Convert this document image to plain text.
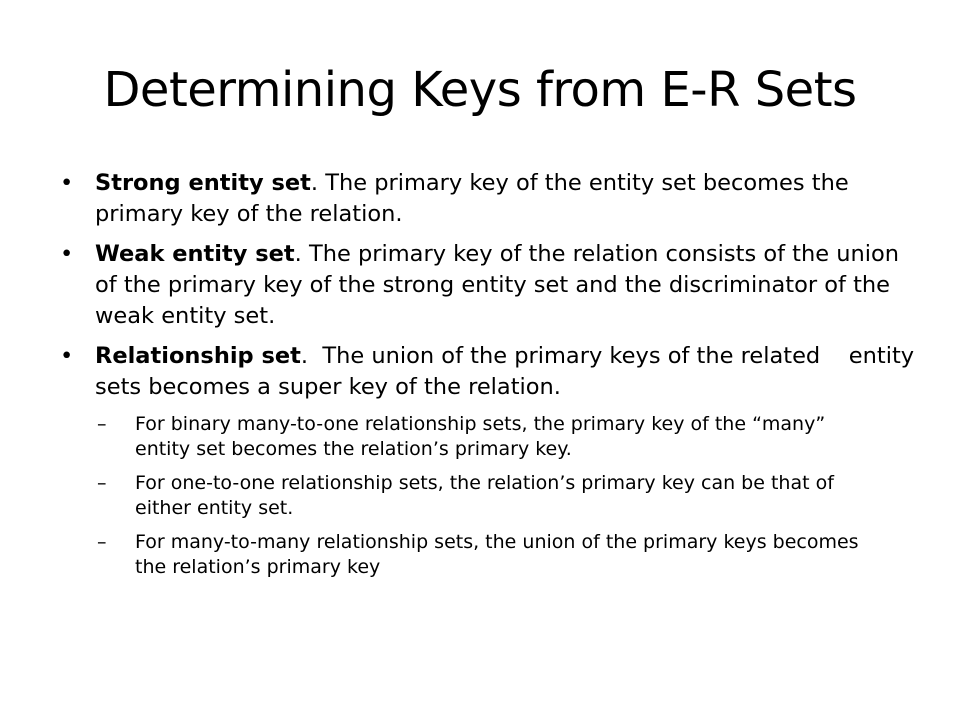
Determining Keys from E-R Sets
• Strong entity set. The primary key of the entity set becomes the primary key of the relation.
• Weak entity set. The primary key of the relation consists of the union of the primary key of the strong entity set and the discriminator of the weak entity set.
• Relationship set.  The union of the primary keys of the related    entity sets becomes a super key of the relation.
– For binary many-to-one relationship sets, the primary key of the “many” entity set becomes the relation’s primary key.
– For one-to-one relationship sets, the relation’s primary key can be that of either entity set.
– For many-to-many relationship sets, the union of the primary keys becomes the relation’s primary key
